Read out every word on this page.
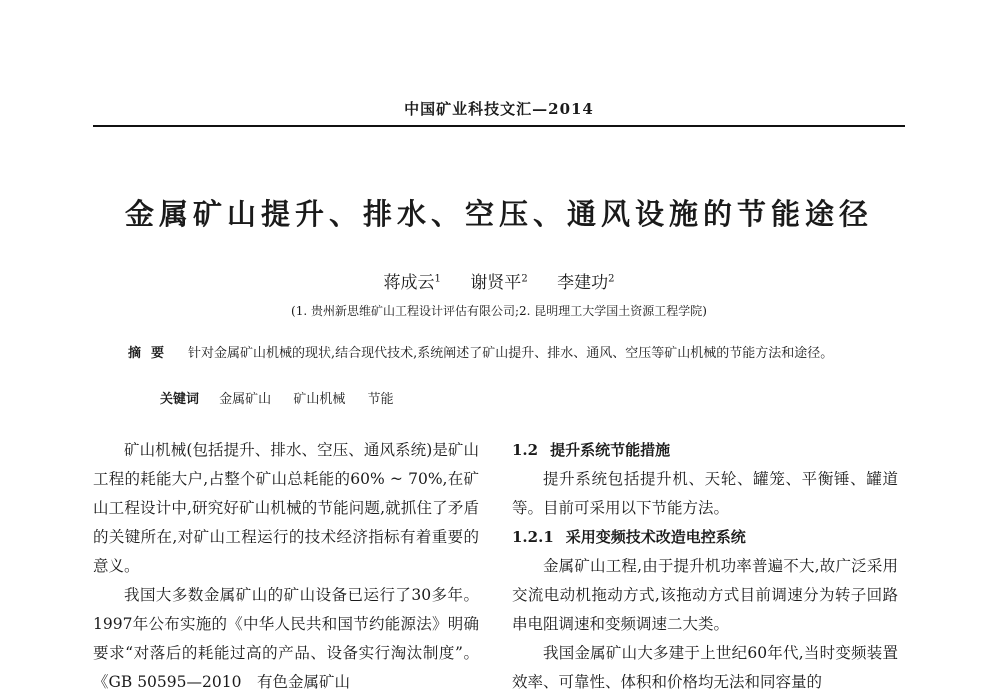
中国矿业科技文汇—2014
金属矿山提升、排水、空压、通风设施的节能途径
蒋成云$^1$ 谢贤平$^2$ 李建功$^2$
(1. 贵州新思维矿山工程设计评估有限公司;2. 昆明理工大学国土资源工程学院)
摘要 针对金属矿山机械的现状,结合现代技术,系统阐述了矿山提升、排水、通风、空压等矿山机械的节能方法和途径。
关键词 金属矿山 矿山机械 节能

矿山机械(包括提升、排水、空压、通风系统)是矿山工程的耗能大户,占整个矿山总耗能的60% ~ 70%,在矿山工程设计中,研究好矿山机械的节能问题,就抓住了矛盾的关键所在,对矿山工程运行的技术经济指标有着重要的意义。

我国大多数金属矿山的矿山设备已运行了30多年。1997年公布实施的《中华人民共和国节约能源法》明确要求“对落后的耗能过高的产品、设备实行淘汰制度”。《GB 50595—2010　有色金属矿山

1.2 提升系统节能措施

提升系统包括提升机、天轮、罐笼、平衡锤、罐道等。目前可采用以下节能方法。

1.2.1 采用变频技术改造电控系统

金属矿山工程,由于提升机功率普遍不大,故广泛采用交流电动机拖动方式,该拖动方式目前调速分为转子回路串电阻调速和变频调速二大类。

我国金属矿山大多建于上世纪60年代,当时变频装置效率、可靠性、体积和价格均无法和同容量的
